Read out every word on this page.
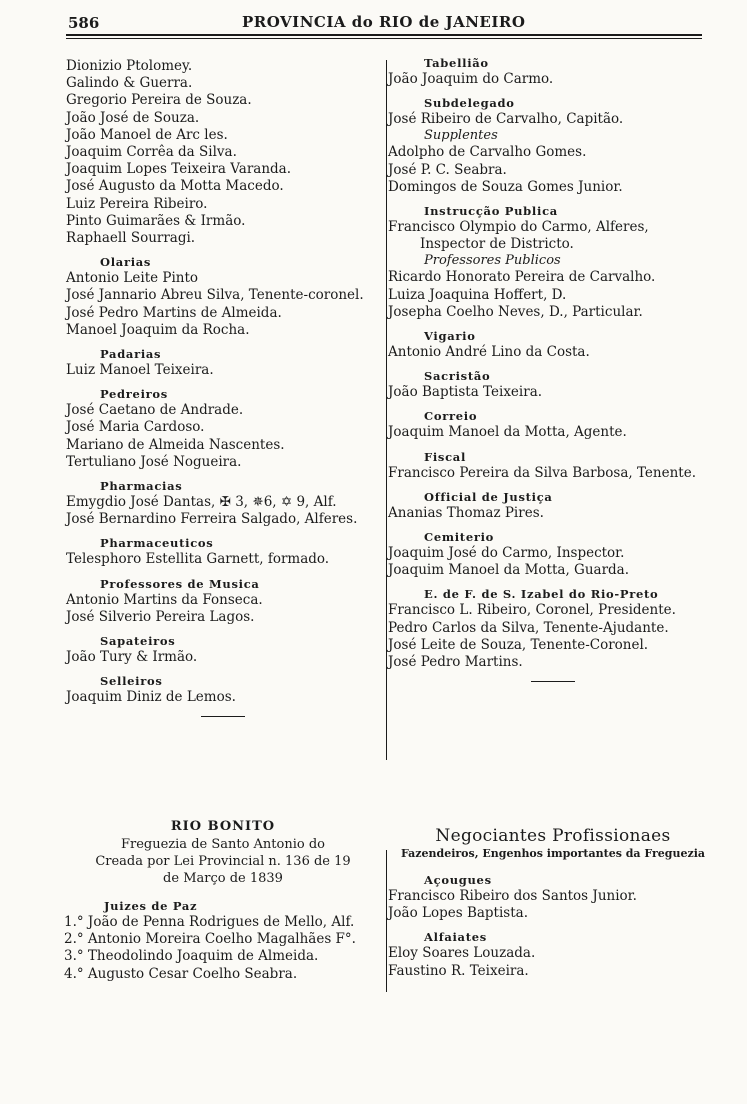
586	PROVINCIA do RIO de JANEIRO
Dionizio Ptolomey.
Galindo & Guerra.
Gregorio Pereira de Souza.
João José de Souza.
João Manoel de Arc les.
Joaquim Corrêa da Silva.
Joaquim Lopes Teixeira Varanda.
José Augusto da Motta Macedo.
Luiz Pereira Ribeiro.
Pinto Guimarães & Irmão.
Raphaell Sourragi.
Olarias
Antonio Leite Pinto
José Jannario Abreu Silva, Tenente-coronel.
José Pedro Martins de Almeida.
Manoel Joaquim da Rocha.
Padarias
Luiz Manoel Teixeira.
Pedreiros
José Caetano de Andrade.
José Maria Cardoso.
Mariano de Almeida Nascentes.
Tertuliano José Nogueira.
Pharmacias
Emygdio José Dantas, ✠ 3, ✵6, ✡ 9, Alf.
José Bernardino Ferreira Salgado, Alferes.
Pharmaceuticos
Telesphoro Estellita Garnett, formado.
Professores de Musica
Antonio Martins da Fonseca.
José Silverio Pereira Lagos.
Sapateiros
João Tury & Irmão.
Selleiros
Joaquim Diniz de Lemos.
Tabellião
João Joaquim do Carmo.
Subdelegado
José Ribeiro de Carvalho, Capitão.
Supplentes
Adolpho de Carvalho Gomes.
José P. C. Seabra.
Domingos de Souza Gomes Junior.
Instrucção Publica
Francisco Olympio do Carmo, Alferes,
Inspector de Districto.
Professores Publicos
Ricardo Honorato Pereira de Carvalho.
Luiza Joaquina Hoffert, D.
Josepha Coelho Neves, D., Particular.
Vigario
Antonio André Lino da Costa.
Sacristão
João Baptista Teixeira.
Correio
Joaquim Manoel da Motta, Agente.
Fiscal
Francisco Pereira da Silva Barbosa, Tenente.
Official de Justiça
Ananias Thomaz Pires.
Cemiterio
Joaquim José do Carmo, Inspector.
Joaquim Manoel da Motta, Guarda.
E. de F. de S. Izabel do Rio-Preto
Francisco L. Ribeiro, Coronel, Presidente.
Pedro Carlos da Silva, Tenente-Ajudante.
José Leite de Souza, Tenente-Coronel.
José Pedro Martins.
RIO BONITO
Freguezia de Santo Antonio do
Creada por Lei Provincial n. 136 de 19
de Março de 1839
Juizes de Paz
1.° João de Penna Rodrigues de Mello, Alf.
2.° Antonio Moreira Coelho Magalhães F°.
3.° Theodolindo Joaquim de Almeida.
4.° Augusto Cesar Coelho Seabra.
Negociantes Profissionaes
Fazendeiros, Engenhos importantes da Freguezia
Açougues
Francisco Ribeiro dos Santos Junior.
João Lopes Baptista.
Alfaiates
Eloy Soares Louzada.
Faustino R. Teixeira.
